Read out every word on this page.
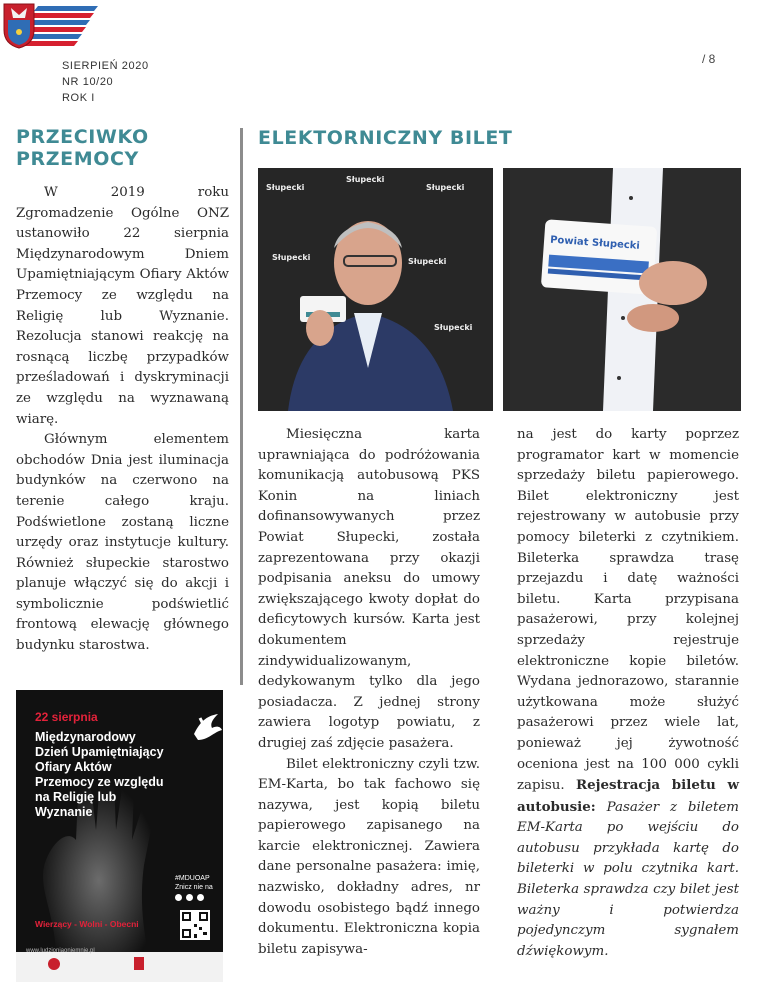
SIERPIEŃ 2020
NR 10/20
ROK I
/ 8
PRZECIWKO PRZEMOCY

W 2019 roku Zgromadzenie Ogólne ONZ ustanowiło 22 sierpnia Międzynarodowym Dniem Upamiętniającym Ofiary Aktów Przemocy ze względu na Religię lub Wyznanie. Rezolucja stanowi reakcję na rosnącą liczbę przypadków prześladowań i dyskryminacji ze względu na wyznawaną wiarę.

Głównym elementem obchodów Dnia jest iluminacja budynków na czerwono na terenie całego kraju. Podświetlone zostaną liczne urzędy oraz instytucje kultury. Również słupeckie starostwo planuje włączyć się do akcji i symbolicznie podświetlić frontową elewację głównego budynku starostwa.

22 sierpnia
Międzynarodowy Dzień Upamiętniający Ofiary Aktów Przemocy ze względu na Religię lub Wyznanie
#MDUOAP
Znicz nie na

Wierzący - Wolni - Obecni
www.ludzioniaoniemnie.pl
ELEKTORNICZNY BILET
Słupecki
Słupecki
Słupecki
Słupecki	Słupecki
Słupecki
Powiat Słupecki

Miesięczna karta uprawniająca do podróżowania komunikacją autobusową PKS Konin na liniach dofinansowywanych przez Powiat Słupecki, została zaprezentowana przy okazji podpisania aneksu do umowy zwiększającego kwoty dopłat do deficytowych kursów. Karta jest dokumentem zindywidualizowanym, dedykowanym tylko dla jego posiadacza. Z jednej strony zawiera logotyp powiatu, z drugiej zaś zdjęcie pasażera.

Bilet elektroniczny czyli tzw. EM-Karta, bo tak fachowo się nazywa, jest kopią biletu papierowego zapisanego na karcie elektronicznej. Zawiera dane personalne pasażera: imię, nazwisko, dokładny adres, nr dowodu osobistego bądź innego dokumentu. Elektroniczna kopia biletu zapisywa-

na jest do karty poprzez programator kart w momencie sprzedaży biletu papierowego. Bilet elektroniczny jest rejestrowany w autobusie przy pomocy bileterki z czytnikiem. Bileterka sprawdza trasę przejazdu i datę ważności biletu. Karta przypisana pasażerowi, przy kolejnej sprzedaży rejestruje elektroniczne kopie biletów. Wydana jednorazowo, starannie użytkowana może służyć pasażerowi przez wiele lat, ponieważ jej żywotność oceniona jest na 100 000 cykli zapisu. Rejestracja biletu w autobusie: Pasażer z biletem EM-Karta po wejściu do autobusu przykłada kartę do bileterki w polu czytnika kart. Bileterka sprawdza czy bilet jest ważny i potwierdza pojedynczym sygnałem dźwiękowym.
